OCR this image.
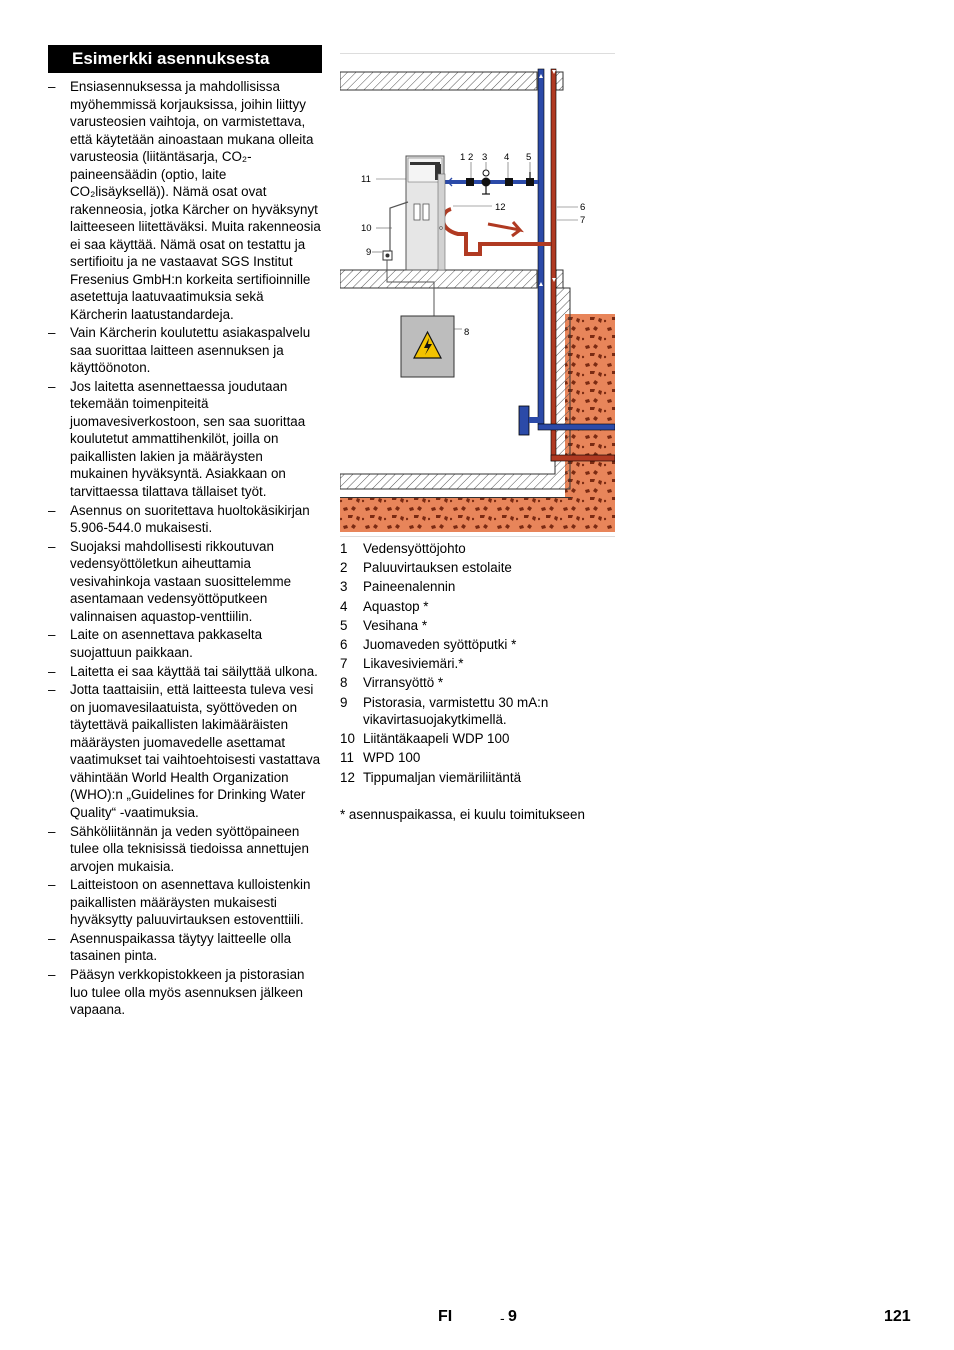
Esimerkki asennuksesta
– Ensiasennuksessa ja mahdollisissa myöhemmissä korjauksissa, joihin liittyy varusteosien vaihtoja, on varmistettava, että käytetään ainoastaan mukana olleita varusteosia (liitäntäsarja, CO₂-paineensäädin (optio, laite CO₂lisäyksellä)). Nämä osat ovat rakenneosia, jotka Kärcher on hyväksynyt laitteeseen liitettäväksi. Muita rakenneosia ei saa käyttää. Nämä osat on testattu ja sertifioitu ja ne vastaavat SGS Institut Fresenius GmbH:n korkeita sertifioinnille asetettuja laatuvaatimuksia sekä Kärcherin laatustandardeja.
– Vain Kärcherin koulutettu asiakaspalvelu saa suorittaa laitteen asennuksen ja käyttöönoton.
– Jos laitetta asennettaessa joudutaan tekemään toimenpiteitä juomavesiverkostoon, sen saa suorittaa koulutetut ammattihenkilöt, joilla on paikallisten lakien ja määräysten mukainen hyväksyntä. Asiakkaan on tarvittaessa tilattava tällaiset työt.
– Asennus on suoritettava huoltokäsikirjan 5.906-544.0 mukaisesti.
– Suojaksi mahdollisesti rikkoutuvan vedensyöttöletkun aiheuttamia vesivahinkoja vastaan suosittelemme asentamaan vedensyöttöputkeen valinnaisen aquastop-venttiilin.
– Laite on asennettava pakkaselta suojattuun paikkaan.
– Laitetta ei saa käyttää tai säilyttää ulkona.
– Jotta taattaisiin, että laitteesta tuleva vesi on juomavesilaatuista, syöttöveden on täytettävä paikallisten lakimääräisten määräysten juomavedelle asettamat vaatimukset tai vaihtoehtoisesti vastattava vähintään World Health Organization (WHO):n „Guidelines for Drinking Water Quality“ -vaatimuksia.
– Sähköliitännän ja veden syöttöpaineen tulee olla teknisissä tiedoissa annettujen arvojen mukaisia.
– Laitteistoon on asennettava kulloistenkin paikallisten määräysten mukaisesti hyväksytty paluuvirtauksen estoventtiili.
– Asennuspaikassa täytyy laitteelle olla tasainen pinta.
– Pääsyn verkkopistokkeen ja pistorasian luo tulee olla myös asennuksen jälkeen vapaana.
1 2 3 4 5
6
7
8
9
10
11
12
1 Vedensyöttöjohto
2 Paluuvirtauksen estolaite
3 Paineenalennin
4 Aquastop *
5 Vesihana *
6 Juomaveden syöttöputki *
7 Likavesiviemäri.*
8 Virransyöttö *
9 Pistorasia, varmistettu 30 mA:n vikavirtasuojakytkimellä.
10 Liitäntäkaapeli WDP 100
11 WPD 100
12 Tippumaljan viemäriliitäntä
* asennuspaikassa, ei kuulu toimitukseen
FI	- 9	121
